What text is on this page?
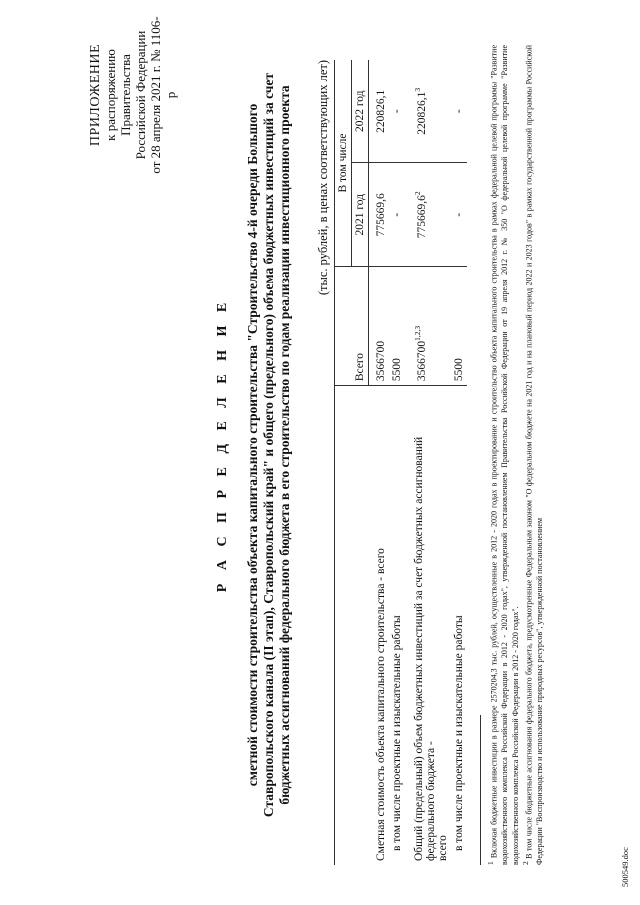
ПРИЛОЖЕНИЕ к распоряжению Правительства Российской Федерации от 28 апреля 2021 г. № 1106-р
Р А С П Р Е Д Е Л Е Н И Е сметной стоимости строительства объекта капитального строительства "Строительство 4-й очереди Большого Ставропольского канала (II этап), Ставропольский край" и общего (предельного) объема бюджетных инвестиций за счет бюджетных ассигнований федерального бюджета в его строительство по годам реализации инвестиционного проекта (тыс. рублей, в ценах соответствующих лет)
	Всего	В том числе	
		2021 год	2022 год
Сметная стоимость объекта капитального строительства - всего	3566700	775669,6	220826,1
в том числе проектные и изыскательные работы	5500	-	-

Общий (предельный) объем бюджетных инвестиций за счет бюджетных ассигнований федерального бюджета - всего	3566700$^{1,2,3}$	775669,6$^2$	220826,1$^3$
в том числе проектные и изыскательные работы	5500	-	-
$^1$ Включая бюджетные инвестиции в размере 2570204,3 тыс. рублей, осуществленные в 2012 - 2020 годах в проектирование и строительство объекта капитального строительства в рамках федеральной целевой программы "Развитие водохозяйственного комплекса Российской Федерации в 2012 - 2020 годах", утвержденной постановлением Правительства Российской Федерации от 19 апреля 2012 г. № 350 "О федеральной целевой программе "Развитие водохозяйственного комплекса Российской Федерации в 2012 - 2020 годах". $^2$ В том числе бюджетные ассигнования федерального бюджета, предусмотренные Федеральным законом "О федеральном бюджете на 2021 год и на плановый период 2022 и 2023 годов" в рамках государственной программы Российской Федерации "Воспроизводство и использование природных ресурсов", утвержденной постановлением
500549.doc
